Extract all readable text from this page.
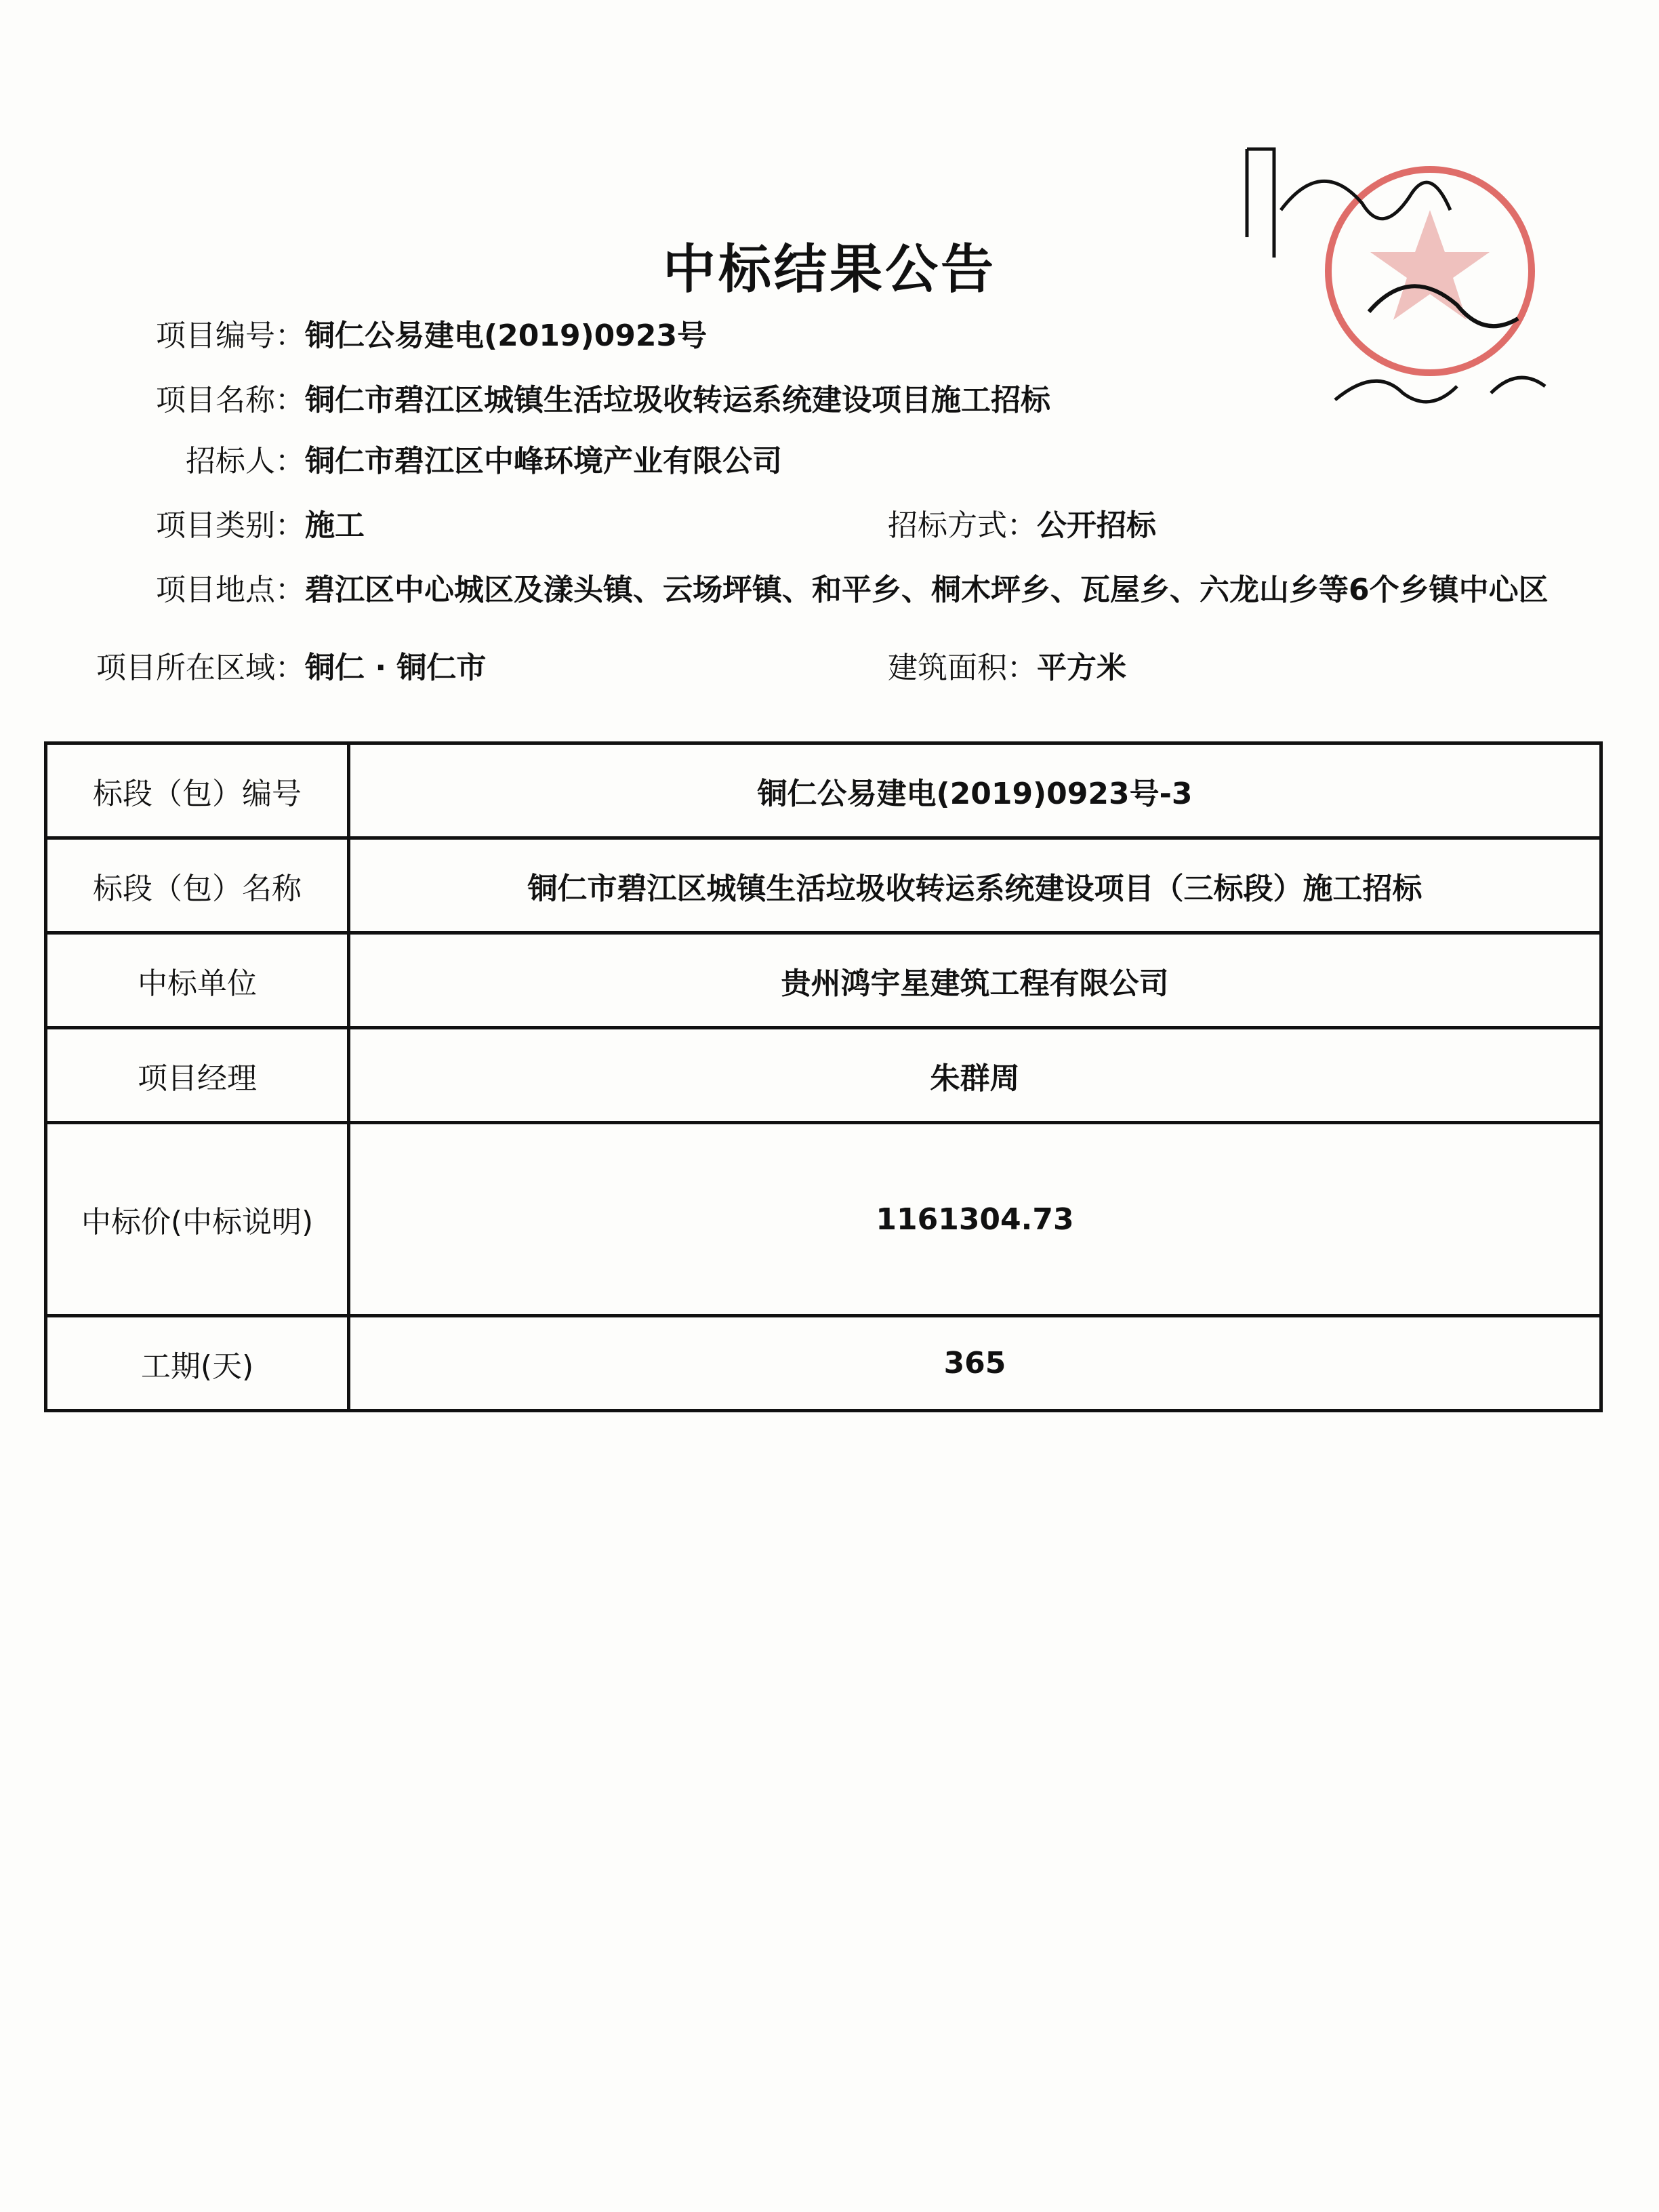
中标结果公告
项目编号：铜仁公易建电(2019)0923号
项目名称：铜仁市碧江区城镇生活垃圾收转运系统建设项目施工招标
招标人：铜仁市碧江区中峰环境产业有限公司
项目类别：施工	招标方式：公开招标
项目地点：碧江区中心城区及漾头镇、云场坪镇、和平乡、桐木坪乡、瓦屋乡、六龙山乡等6个乡镇中心区
项目所在区域：铜仁 · 铜仁市	建筑面积：平方米
标段（包）编号	铜仁公易建电(2019)0923号-3
标段（包）名称	铜仁市碧江区城镇生活垃圾收转运系统建设项目（三标段）施工招标
中标单位	贵州鸿宇星建筑工程有限公司
项目经理	朱群周
中标价(中标说明)	1161304.73
工期(天)	365
